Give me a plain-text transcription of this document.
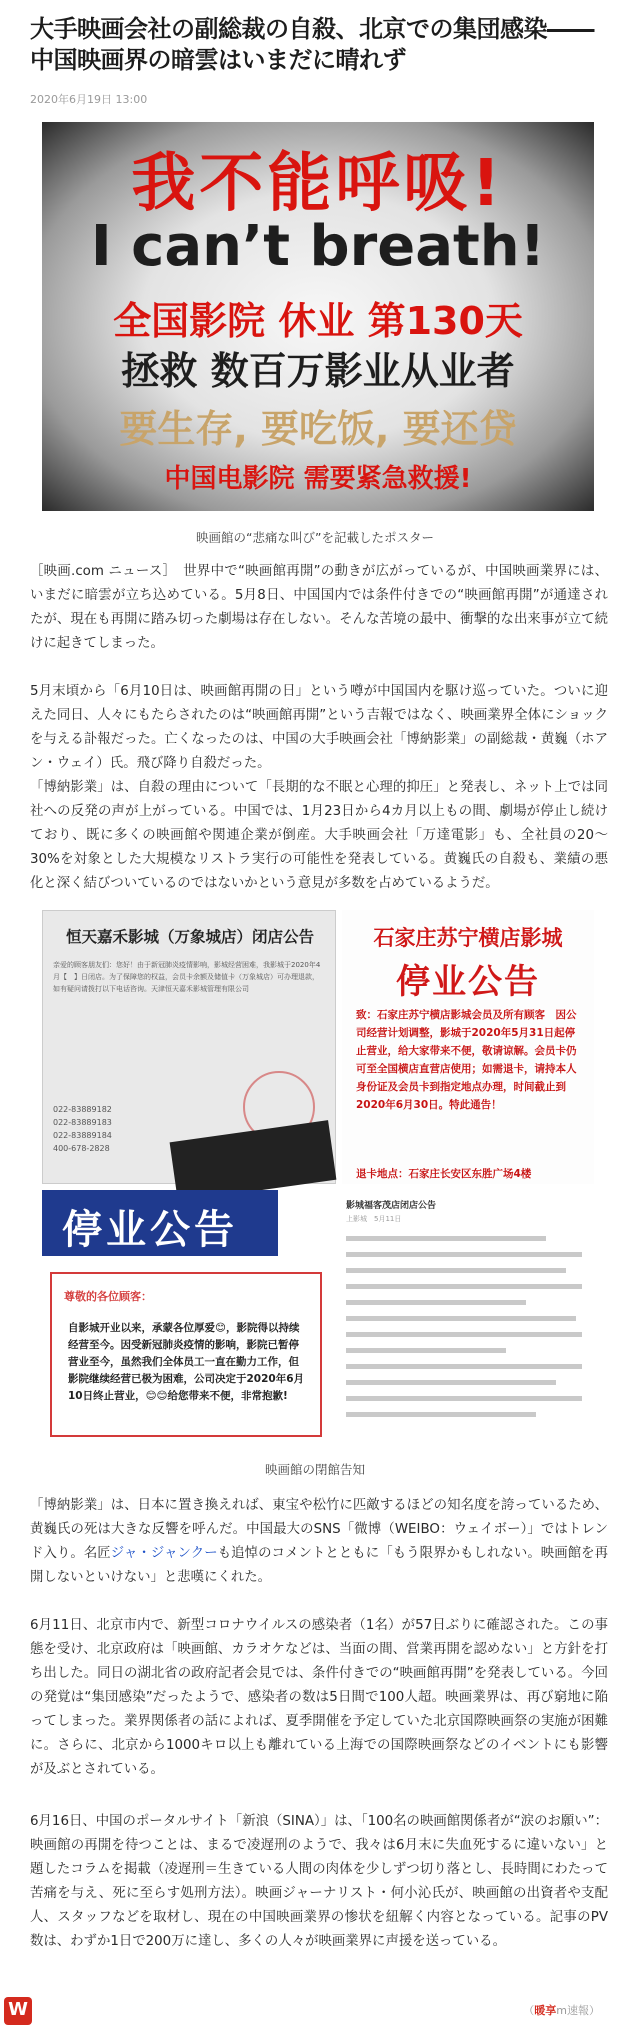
大手映画会社の副総裁の自殺、北京での集団感染――中国映画界の暗雲はいまだに晴れず
2020年6月19日 13:00
我不能呼吸!
I can’t breath!
全国影院 休业 第130天
拯救 数百万影业从业者
要生存, 要吃饭, 要还贷
中国电影院 需要紧急救援!
映画館の“悲痛な叫び”を記載したポスター

［映画.com ニュース］　世界中で“映画館再開”の動きが広がっているが、中国映画業界には、いまだに暗雲が立ち込めている。5月8日、中国国内では条件付きでの“映画館再開”が通達されたが、現在も再開に踏み切った劇場は存在しない。そんな苦境の最中、衝撃的な出来事が立て続けに起きてしまった。

5月末頃から「6月10日は、映画館再開の日」という噂が中国国内を駆け巡っていた。ついに迎えた同日、人々にもたらされたのは“映画館再開”という吉報ではなく、映画業界全体にショックを与える訃報だった。亡くなったのは、中国の大手映画会社「博納影業」の副総裁・黄巍（ホアン・ウェイ）氏。飛び降り自殺だった。

「博納影業」は、自殺の理由について「長期的な不眠と心理的抑圧」と発表し、ネット上では同社への反発の声が上がっている。中国では、1月23日から4カ月以上もの間、劇場が停止し続けており、既に多くの映画館や関連企業が倒産。大手映画会社「万達電影」も、全社員の20〜30%を対象とした大規模なリストラ実行の可能性を発表している。黄巍氏の自殺も、業績の悪化と深く結びついているのではないかという意見が多数を占めているようだ。

恒天嘉禾影城（万象城店）闭店公告
亲爱的顾客朋友们：您好！由于新冠肺炎疫情影响，影城经营困难，我影城于2020年4月【　】日闭店。为了保障您的权益，会员卡余额及储值卡（万象城店）可办理退款，如有疑问请拨打以下电话咨询。天津恒天嘉禾影城管理有限公司
022-83889182
022-83889183
022-83889184
400-678-2828
石家庄苏宁横店影城
停业公告
致：石家庄苏宁横店影城会员及所有顾客　因公司经营计划调整，影城于2020年5月31日起停止营业，给大家带来不便，敬请谅解。会员卡仍可至全国横店直营店使用；如需退卡，请持本人身份证及会员卡到指定地点办理，时间截止到2020年6月30日。特此通告！
退卡地点：石家庄长安区东胜广场4楼
停业公告
尊敬的各位顾客：
自影城开业以来，承蒙各位厚爱😊，影院得以持续经营至今。因受新冠肺炎疫情的影响，影院已暂停营业至今，虽然我们全体员工一直在勤力工作，但影院继续经营已极为困难，公司决定于2020年6月10日终止营业，😊😊给您带来不便，非常抱歉!
影城福客茂店闭店公告
上影城　5月11日
映画館の閉館告知

「博納影業」は、日本に置き換えれば、東宝や松竹に匹敵するほどの知名度を誇っているため、黄巍氏の死は大きな反響を呼んだ。中国最大のSNS「微博（WEIBO：ウェイボー）」ではトレンド入り。名匠ジャ・ジャンクーも追悼のコメントとともに「もう限界かもしれない。映画館を再開しないといけない」と悲嘆にくれた。

6月11日、北京市内で、新型コロナウイルスの感染者（1名）が57日ぶりに確認された。この事態を受け、北京政府は「映画館、カラオケなどは、当面の間、営業再開を認めない」と方針を打ち出した。同日の湖北省の政府記者会見では、条件付きでの“映画館再開”を発表している。今回の発覚は“集団感染”だったようで、感染者の数は5日間で100人超。映画業界は、再び窮地に陥ってしまった。業界関係者の話によれば、夏季開催を予定していた北京国際映画祭の実施が困難に。さらに、北京から1000キロ以上も離れている上海での国際映画祭などのイベントにも影響が及ぶとされている。

6月16日、中国のポータルサイト「新浪（SINA）」は、「100名の映画館関係者が“涙のお願い”：映画館の再開を待つことは、まるで凌遅刑のようで、我々は6月末に失血死するに違いない」と題したコラムを掲載（凌遅刑＝生きている人間の肉体を少しずつ切り落とし、長時間にわたって苦痛を与え、死に至らす処刑方法）。映画ジャーナリスト・何小沁氏が、映画館の出資者や支配人、スタッフなどを取材し、現在の中国映画業界の惨状を紐解く内容となっている。記事のPV数は、わずか1日で200万に達し、多くの人々が映画業界に声援を送っている。

W	（暖享m速報）
